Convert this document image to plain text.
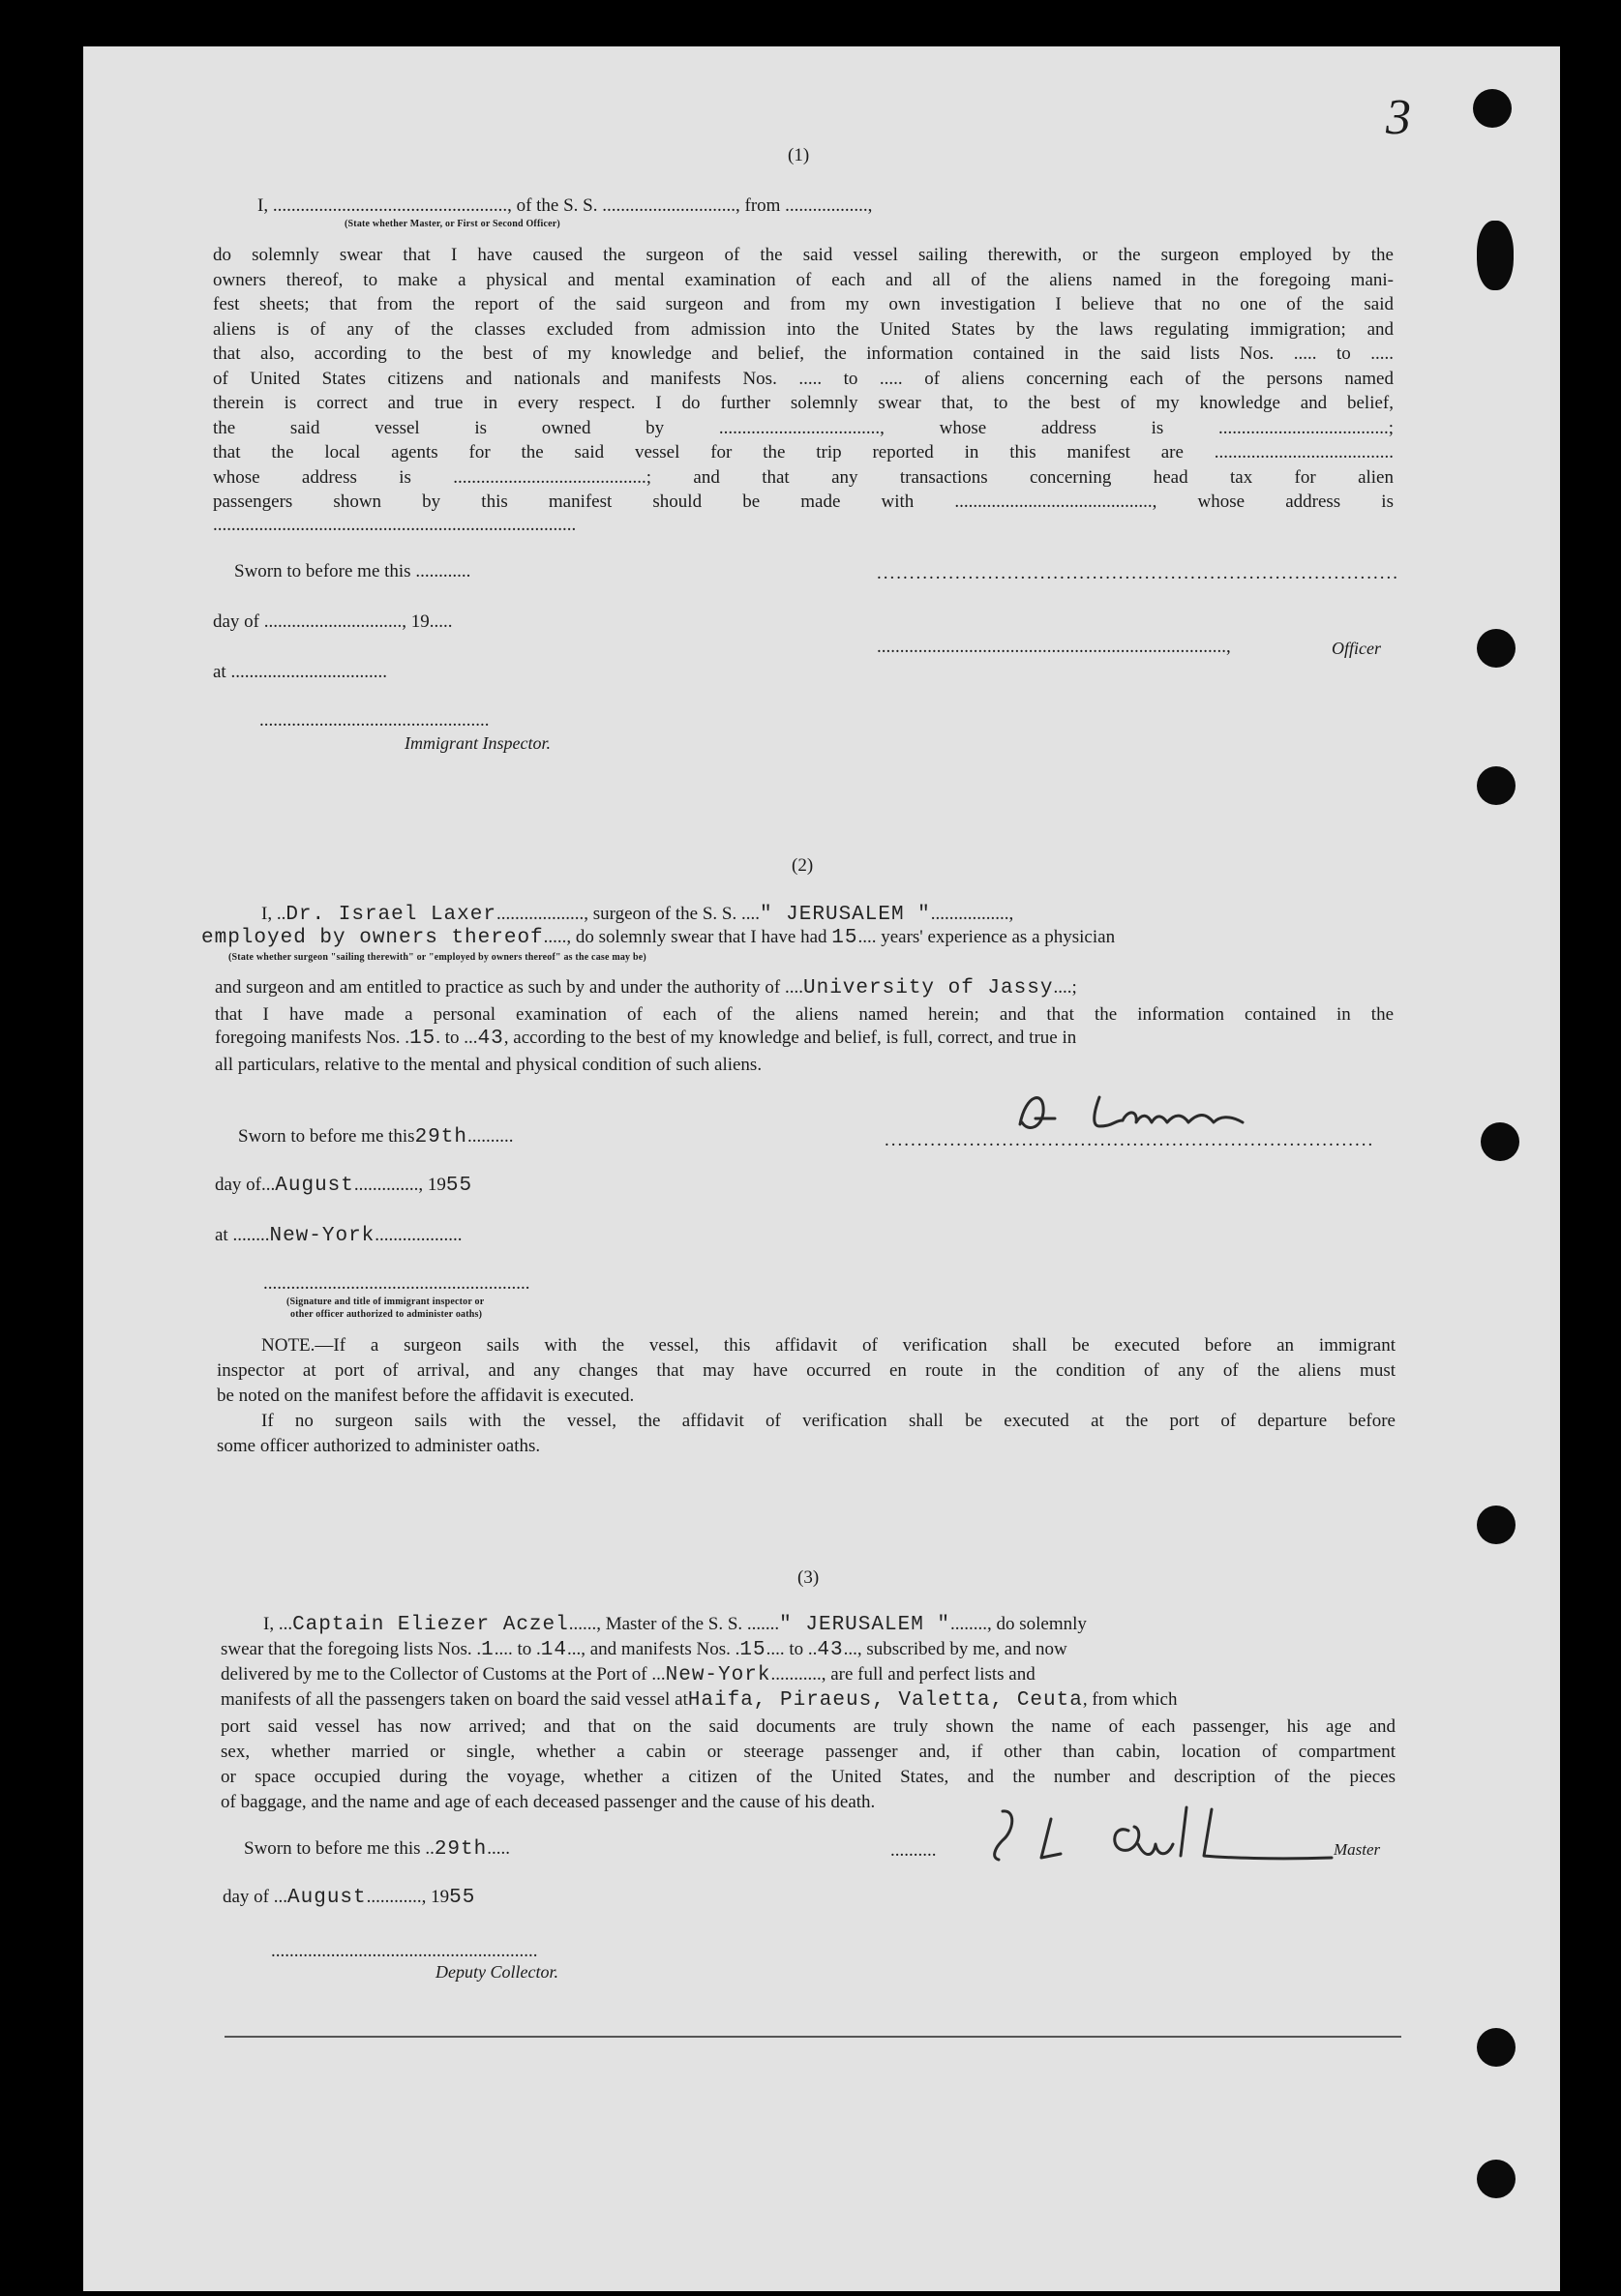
3
(1)
I, ..................................................., of the S. S. ............................., from ..................,
(State whether Master, or First or Second Officer)
do solemnly swear that I have caused the surgeon of the said vessel sailing therewith, or the surgeon employed by the
owners thereof, to make a physical and mental examination of each and all of the aliens named in the foregoing mani-
fest sheets; that from the report of the said surgeon and from my own investigation I believe that no one of the said
aliens is of any of the classes excluded from admission into the United States by the laws regulating immigration; and
that also, according to the best of my knowledge and belief, the information contained in the said lists Nos. ..... to .....
of United States citizens and nationals and manifests Nos. ..... to ..... of aliens concerning each of the persons named
therein is correct and true in every respect. I do further solemnly swear that, to the best of my knowledge and belief,
the said vessel is owned by ..................................., whose address is .....................................;
that the local agents for the said vessel for the trip reported in this manifest are .......................................
whose address is ..........................................; and that any transactions concerning head tax for alien
passengers shown by this manifest should be made with ..........................................., whose address is
...............................................................................
Sworn to before me this ............	................................................................................
day of .............................., 19.....
............................................................................,	Officer
at ..................................
..................................................
Immigrant Inspector.
(2)
I, ..Dr. Israel Laxer..................., surgeon of the S. S. ...." JERUSALEM ".................,
employed by owners thereof....., do solemnly swear that I have had 15.... years' experience as a physician
(State whether surgeon "sailing therewith" or "employed by owners thereof" as the case may be)
and surgeon and am entitled to practice as such by and under the authority of ....University of Jassy....;
that I have made a personal examination of each of the aliens named herein; and that the information contained in the
foregoing manifests Nos. .15. to ...43, according to the best of my knowledge and belief, is full, correct, and true in
all particulars, relative to the mental and physical condition of such aliens.
Sworn to before me this29th..........	...........................................................................
day of...August.............., 1955
at ........New-York...................
..........................................................
(Signature and title of immigrant inspector or
other officer authorized to administer oaths)
NOTE.—If a surgeon sails with the vessel, this affidavit of verification shall be executed before an immigrant
inspector at port of arrival, and any changes that may have occurred en route in the condition of any of the aliens must
be noted on the manifest before the affidavit is executed.
If no surgeon sails with the vessel, the affidavit of verification shall be executed at the port of departure before
some officer authorized to administer oaths.
(3)
I, ...Captain Eliezer Aczel......, Master of the S. S. ......." JERUSALEM "........, do solemnly
swear that the foregoing lists Nos. .1.... to .14..., and manifests Nos. .15.... to ..43..., subscribed by me, and now
delivered by me to the Collector of Customs at the Port of ...New-York..........., are full and perfect lists and
manifests of all the passengers taken on board the said vessel atHaifa, Piraeus, Valetta, Ceuta, from which
port said vessel has now arrived; and that on the said documents are truly shown the name of each passenger, his age and
sex, whether married or single, whether a cabin or steerage passenger and, if other than cabin, location of compartment
or space occupied during the voyage, whether a citizen of the United States, and the number and description of the pieces
of baggage, and the name and age of each deceased passenger and the cause of his death.
Sworn to before me this ..29th.....	..........	Master
day of ...August............, 1955
..........................................................
Deputy Collector.
